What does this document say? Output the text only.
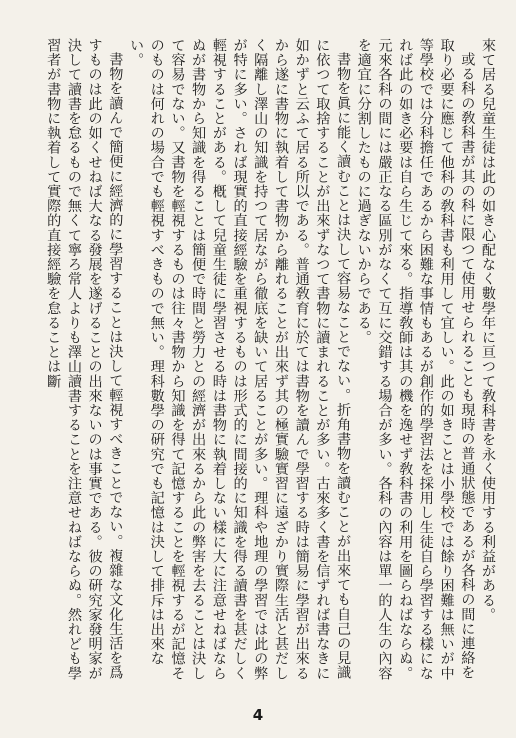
來て居る兒童生徒は此の如き心配なく數學年に亘つて敎科書を永く使用する利益がある。

或る科の敎科書が其の科に限つて使用せられることも現時の普通狀態であるが各科の間に連絡を取り必要に應じて他科の敎科書も利用して宜しい。此の如きことは小學校では餘り困難は無いが中等學校では分科擔任であるから困難な事情もあるが創作的學習法を採用し生徒自ら學習する樣になれば此の如き必要は自ら生じて來る。指導敎師は其の機を逸せず敎科書の利用を圖らねばならぬ。元來各科の間には嚴正なる區別がなくて互に交錯する場合が多い。各科の內容は單一的人生の內容を適宜に分割したものに過ぎないからである。

書物を眞に能く讀むことは決して容易なことでない。折角書物を讀むことが出來ても自己の見識に依つて取捨することが出來ずなつて書物に讀まれることが多い。古來多く書を信ずれば書なきに如かずと云ふて居る所以である。普通敎育に於ては書物を讀んで學習する時は簡易に學習が出來るから遂に書物に執着して書物から離れることが出來ず其の極實驗實習に遠ざかり實際生活と甚だしく隔離し澤山の知識を持つて居ながら徹底を缺いて居ることが多い。理科や地理の學習では此の弊が特に多い。されば現實的直接經驗を重視するものは形式的に間接的に知識を得る讀書を甚だしく輕視することがある。槪して兒童生徒に學習させる時は書物に執着しない樣に大に注意せねばならぬが書物から知識を得ることは簡便で時間と勞力との經濟が出來るから此の弊害を去ることは決して容易でない。又書物を輕視するものは往々書物から知識を得て記憶することを輕視するが記憶そのものは何れの場合でも輕視すべきもので無い。理科數學の硏究でも記憶は決して排斥は出來ない。

書物を讀んで簡便に經濟的に學習することは決して輕視すべきことでない。複雜な文化生活を爲すものは此の如くせねば大なる發展を遂げることの出來ないのは事實である。彼の硏究家發明家が決して讀書を怠るもので無くて寧ろ常人よりも澤山讀書することを注意せねばならぬ。然れども學習者が書物に執着して實際的直接經驗を怠ることは斷

4
